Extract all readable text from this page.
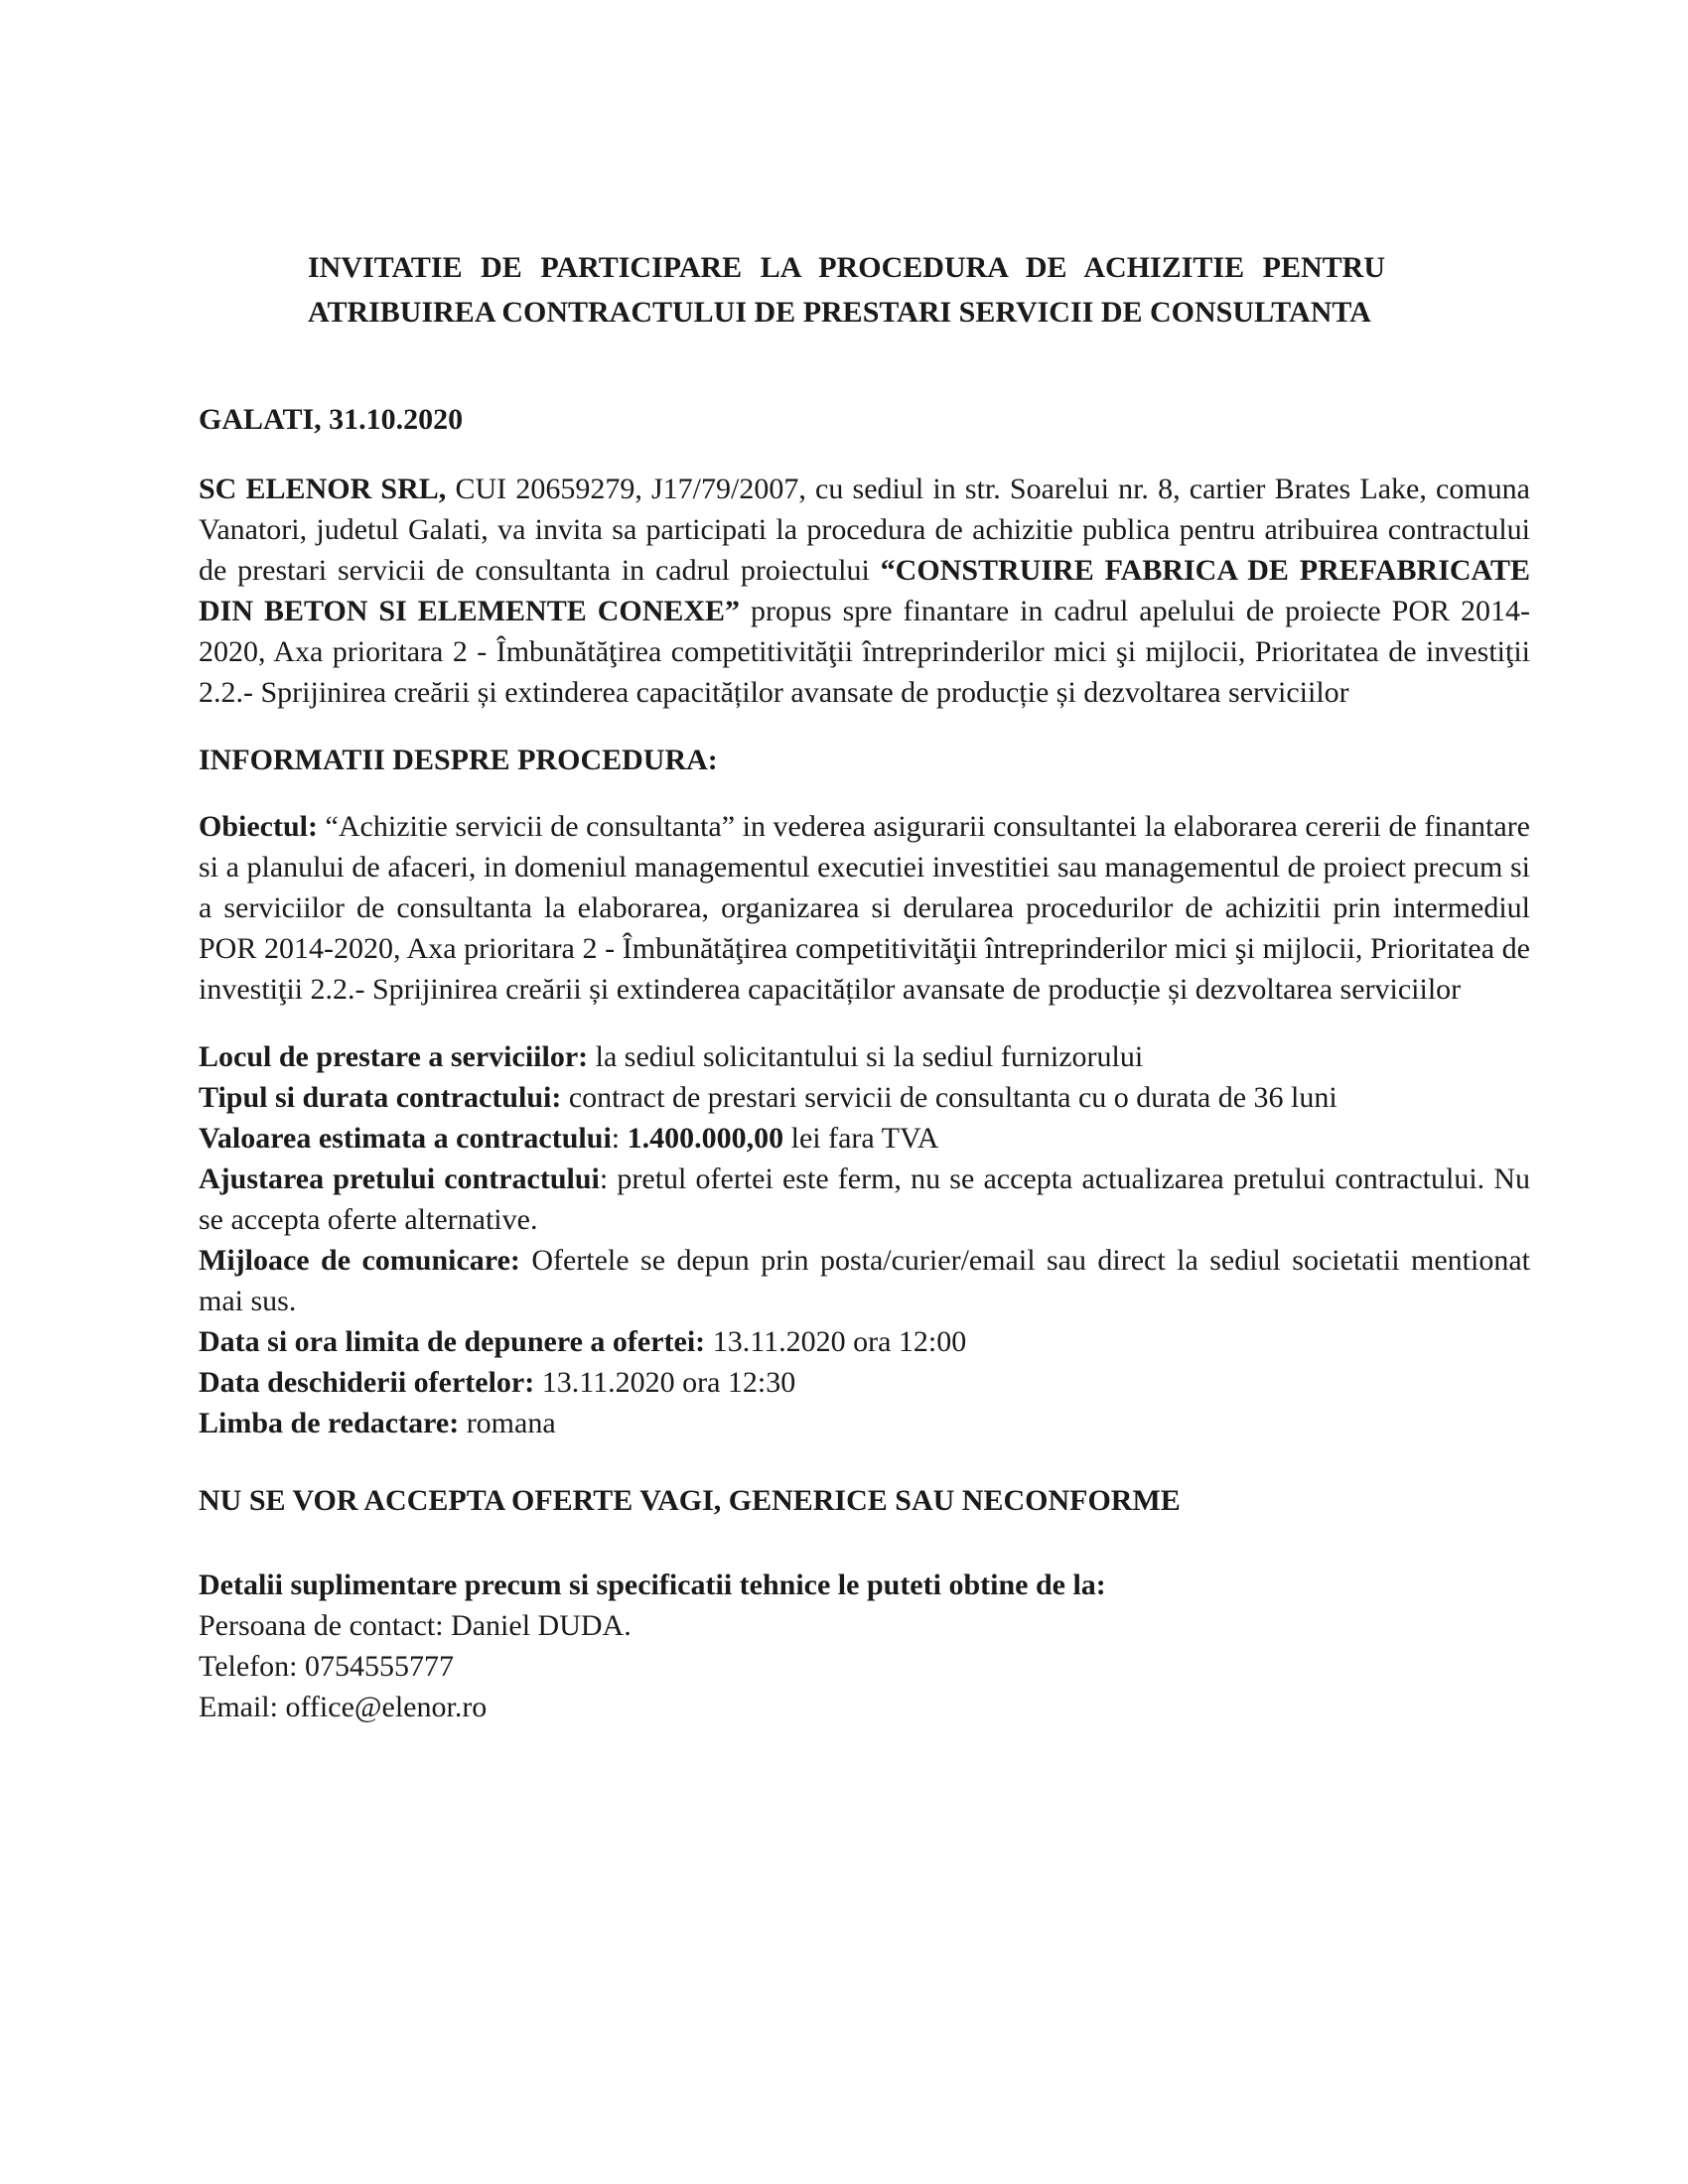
INVITATIE DE PARTICIPARE LA PROCEDURA DE ACHIZITIE PENTRU
ATRIBUIREA CONTRACTULUI DE PRESTARI SERVICII DE CONSULTANTA

GALATI, 31.10.2020

SC ELENOR SRL, CUI 20659279, J17/79/2007, cu sediul in str. Soarelui nr. 8, cartier Brates Lake, comuna Vanatori, judetul Galati, va invita sa participati la procedura de achizitie publica pentru atribuirea contractului de prestari servicii de consultanta in cadrul proiectului “CONSTRUIRE FABRICA DE PREFABRICATE DIN BETON SI ELEMENTE CONEXE” propus spre finantare in cadrul apelului de proiecte POR 2014-2020, Axa prioritara 2 - Îmbunătăţirea competitivităţii întreprinderilor mici şi mijlocii, Prioritatea de investiţii 2.2.- Sprijinirea creării și extinderea capacităților avansate de producție și dezvoltarea serviciilor

INFORMATII DESPRE PROCEDURA:

Obiectul: “Achizitie servicii de consultanta” in vederea asigurarii consultantei la elaborarea cererii de finantare si a planului de afaceri, in domeniul managementul executiei investitiei sau managementul de proiect precum si a serviciilor de consultanta la elaborarea, organizarea si derularea procedurilor de achizitii prin intermediul POR 2014-2020, Axa prioritara 2 - Îmbunătăţirea competitivităţii întreprinderilor mici şi mijlocii, Prioritatea de investiţii 2.2.- Sprijinirea creării și extinderea capacităților avansate de producție și dezvoltarea serviciilor

Locul de prestare a serviciilor: la sediul solicitantului si la sediul furnizorului

Tipul si durata contractului: contract de prestari servicii de consultanta cu o durata de 36 luni

Valoarea estimata a contractului: 1.400.000,00 lei fara TVA

Ajustarea pretului contractului: pretul ofertei este ferm, nu se accepta actualizarea pretului contractului. Nu se accepta oferte alternative.

Mijloace de comunicare: Ofertele se depun prin posta/curier/email sau direct la sediul societatii mentionat mai sus.

Data si ora limita de depunere a ofertei: 13.11.2020 ora 12:00

Data deschiderii ofertelor: 13.11.2020 ora 12:30

Limba de redactare: romana

NU SE VOR ACCEPTA OFERTE VAGI, GENERICE SAU NECONFORME

Detalii suplimentare precum si specificatii tehnice le puteti obtine de la:

Persoana de contact: Daniel DUDA.

Telefon: 0754555777

Email: office@elenor.ro
